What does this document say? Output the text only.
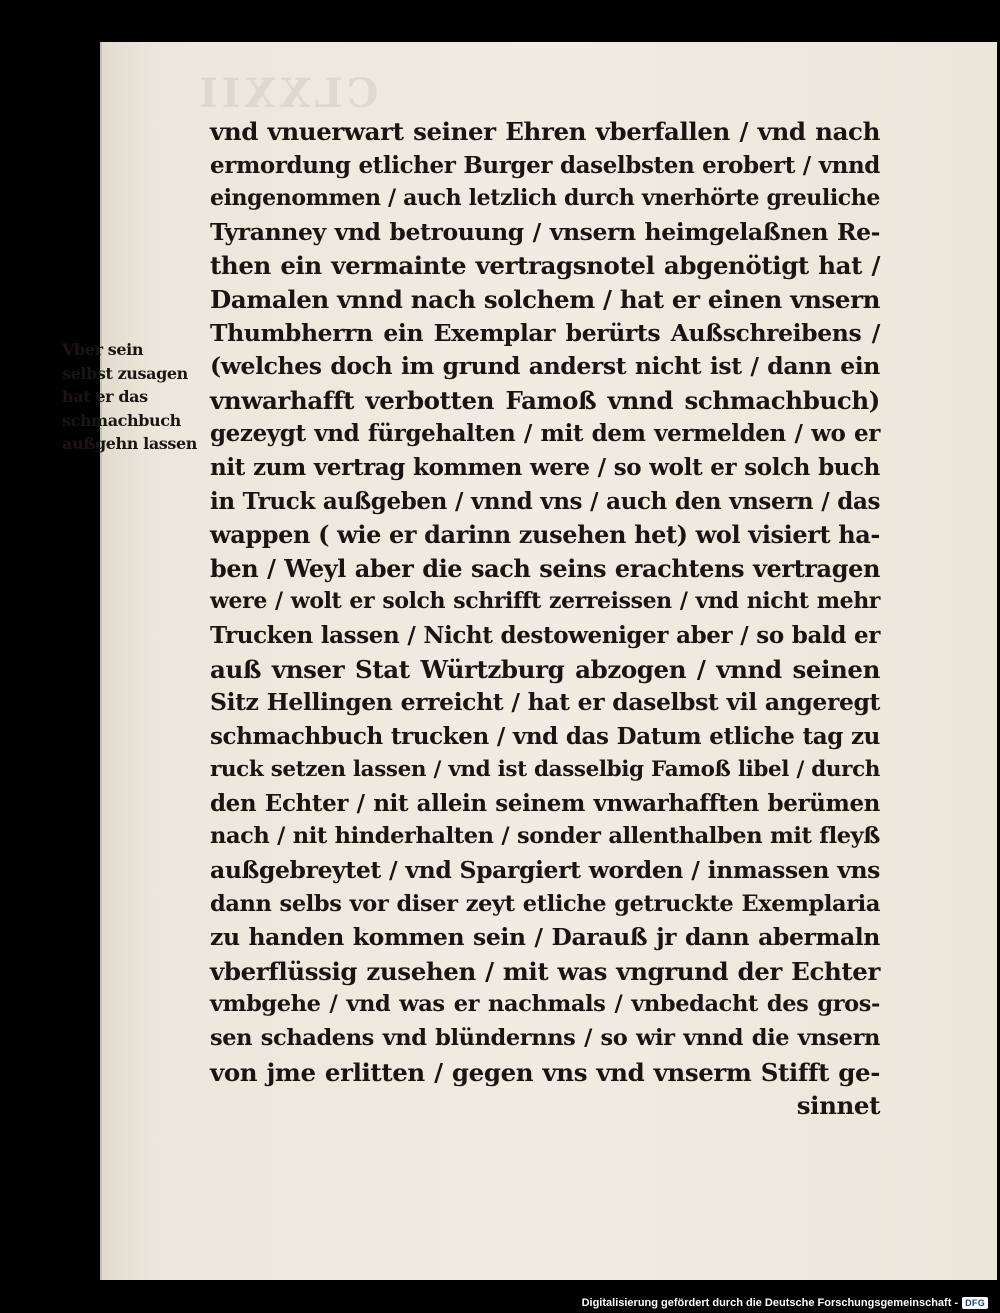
CLXXII
Vber sein
selbst zusagen
hat er das
schmachbuch
außgehn lassen
vnd vnuerwart seiner Ehren vberfallen / vnd nach
ermordung etlicher Burger daselbsten erobert / vnnd
eingenommen / auch letzlich durch vnerhörte greuliche
Tyranney vnd betrouung / vnsern heimgelaßnen Re-
then ein vermainte vertragsnotel abgenötigt hat /
Damalen vnnd nach solchem / hat er einen vnsern
Thumbherrn ein Exemplar berürts Außschreibens /
(welches doch im grund anderst nicht ist / dann ein
vnwarhafft verbotten Famoß vnnd schmachbuch)
gezeygt vnd fürgehalten / mit dem vermelden / wo er
nit zum vertrag kommen were / so wolt er solch buch
in Truck außgeben / vnnd vns / auch den vnsern / das
wappen ( wie er darinn zusehen het) wol visiert ha-
ben / Weyl aber die sach seins erachtens vertragen
were / wolt er solch schrifft zerreissen / vnd nicht mehr
Trucken lassen / Nicht destoweniger aber / so bald er
auß vnser Stat Würtzburg abzogen / vnnd seinen
Sitz Hellingen erreicht / hat er daselbst vil angeregt
schmachbuch trucken / vnd das Datum etliche tag zu
ruck setzen lassen / vnd ist dasselbig Famoß libel / durch
den Echter / nit allein seinem vnwarhafften berümen
nach / nit hinderhalten / sonder allenthalben mit fleyß
außgebreytet / vnd Spargiert worden / inmassen vns
dann selbs vor diser zeyt etliche getruckte Exemplaria
zu handen kommen sein / Darauß jr dann abermaln
vberflüssig zusehen / mit was vngrund der Echter
vmbgehe / vnd was er nachmals / vnbedacht des gros-
sen schadens vnd blündernns / so wir vnnd die vnsern
von jme erlitten / gegen vns vnd vnserm Stifft ge-
sinnet
Digitalisierung gefördert durch die Deutsche Forschungsgemeinschaft - DFG
